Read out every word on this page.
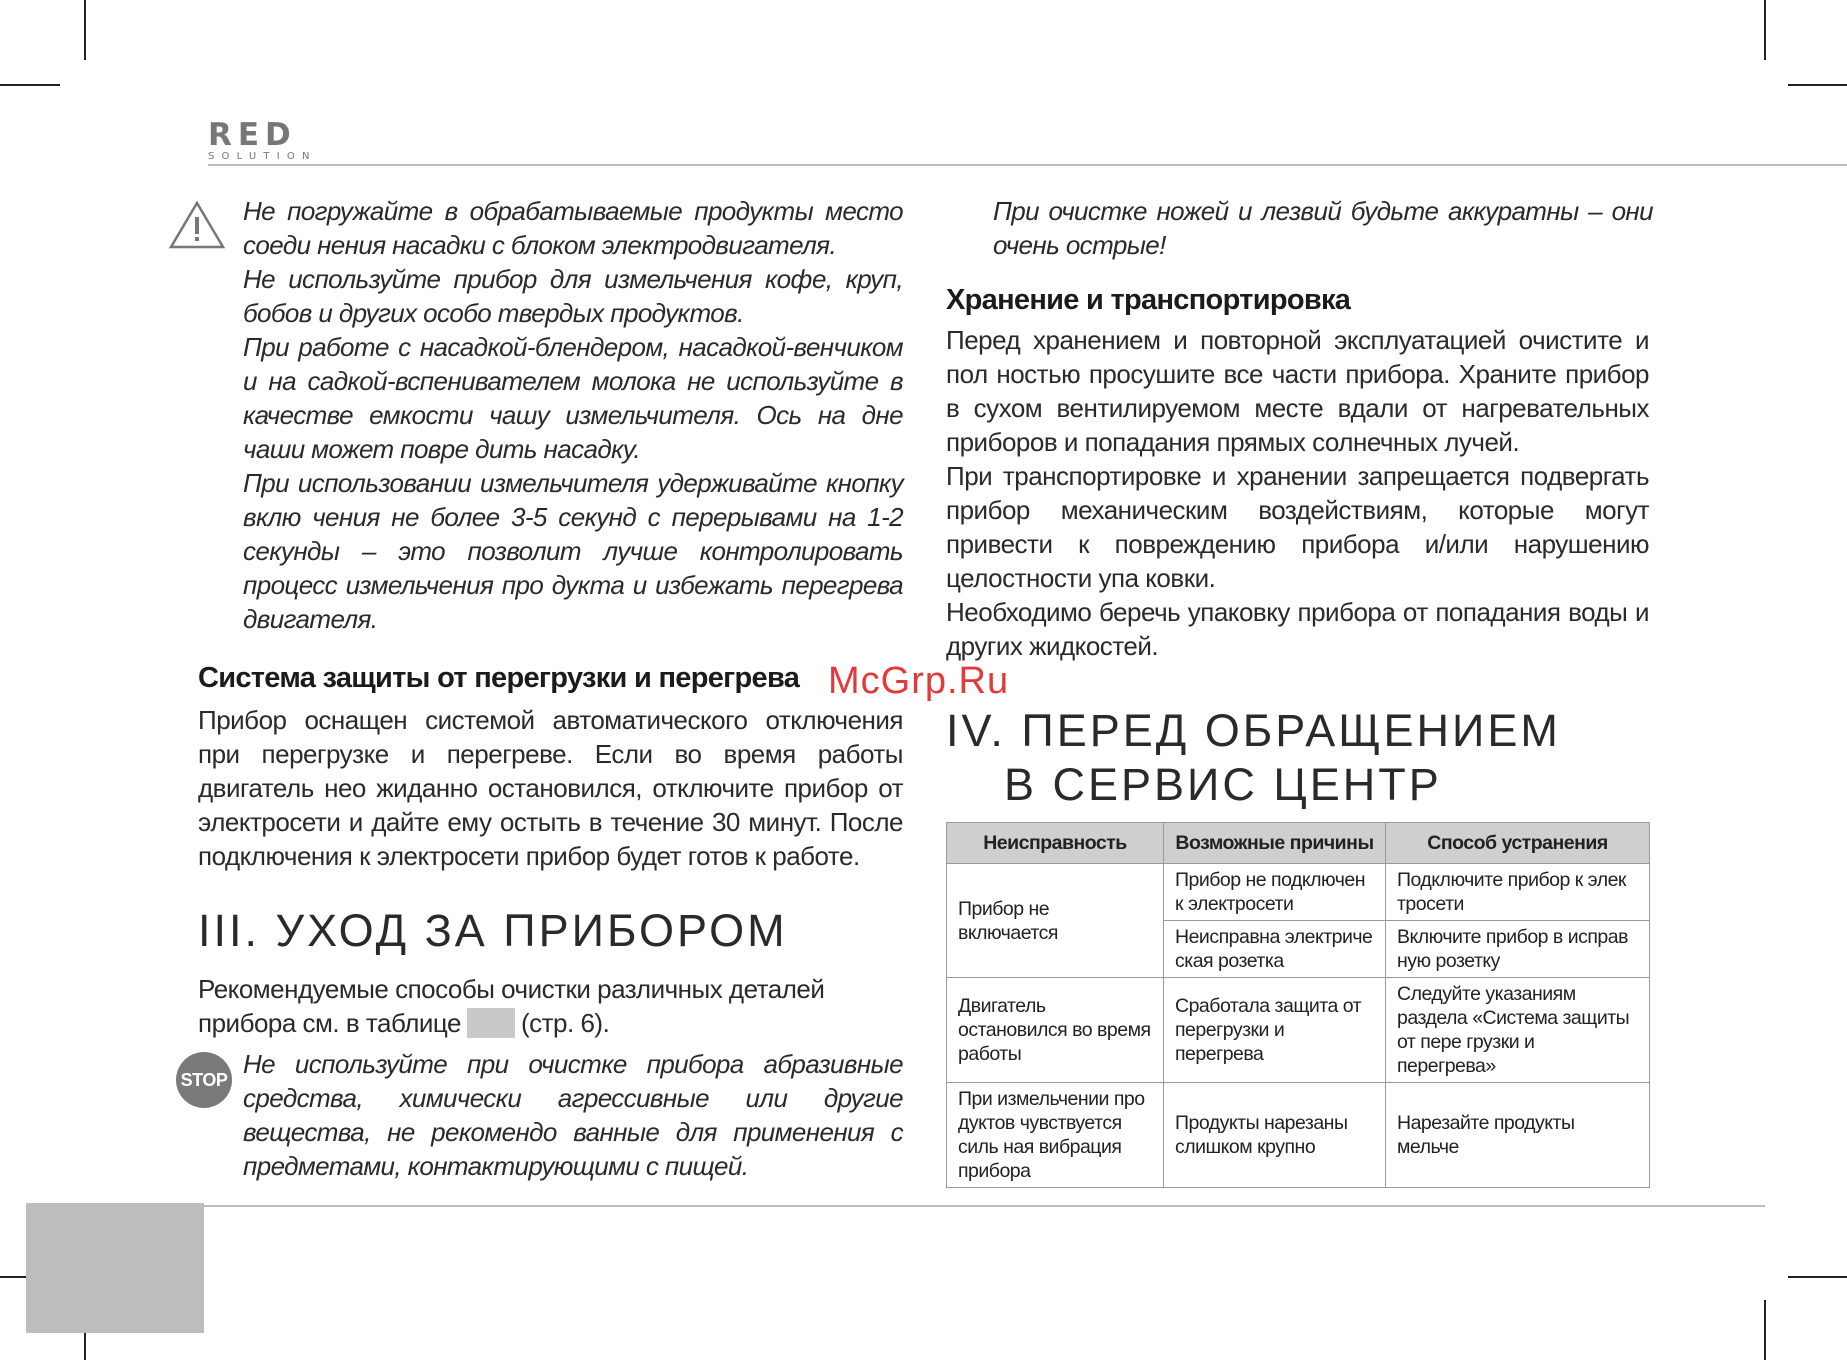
RED
SOLUTION

Не погружайте в обрабатываемые продукты место соеди нения насадки с блоком электродвигателя.

Не используйте прибор для измельчения кофе, круп, бобов и других особо твердых продуктов.

При работе с насадкой-блендером, насадкой-венчиком и на садкой-вспенивателем молока не используйте в качестве емкости чашу измельчителя. Ось на дне чаши может повре дить насадку.

При использовании измельчителя удерживайте кнопку вклю чения не более 3-5 секунд с перерывами на 1-2 секунды – это позволит лучше контролировать процесс измельчения про дукта и избежать перегрева двигателя.

Система защиты от перегрузки и перегрева

Прибор оснащен системой автоматического отключения при перегрузке и перегреве. Если во время работы двигатель нео жиданно остановился, отключите прибор от электросети и дайте ему остыть в течение 30 минут. После подключения к электросети прибор будет готов к работе.

III. УХОД ЗА ПРИБОРОМ

Рекомендуемые способы очистки различных деталей прибора см. в таблице (стр. 6).

STOP

Не используйте при очистке прибора абразивные средства, химически агрессивные или другие вещества, не рекомендо ванные для применения с предметами, контактирующими с пищей.

При очистке ножей и лезвий будьте аккуратны – они очень острые!

Хранение и транспортировка

Перед хранением и повторной эксплуатацией очистите и пол ностью просушите все части прибора. Храните прибор в сухом вентилируемом месте вдали от нагревательных приборов и попадания прямых солнечных лучей.

При транспортировке и хранении запрещается подвергать прибор механическим воздействиям, которые могут привести к повреждению прибора и/или нарушению целостности упа ковки.

Необходимо беречь упаковку прибора от попадания воды и других жидкостей.

McGrp.Ru

IV. ПЕРЕД ОБРАЩЕНИЕМ

В СЕРВИС ЦЕНТР

Неисправность	Возможные причины	Способ устранения
Прибор не включается	Прибор не подключен к электросети	Подключите прибор к элек тросети
	Неисправна электриче ская розетка	Включите прибор в исправ ную розетку
Двигатель остановился во время работы	Сработала защита от перегрузки и перегрева	Следуйте указаниям раздела «Система защиты от пере грузки и перегрева»
При измельчении про дуктов чувствуется силь ная вибрация прибора	Продукты нарезаны слишком крупно	Нарезайте продукты мельче
